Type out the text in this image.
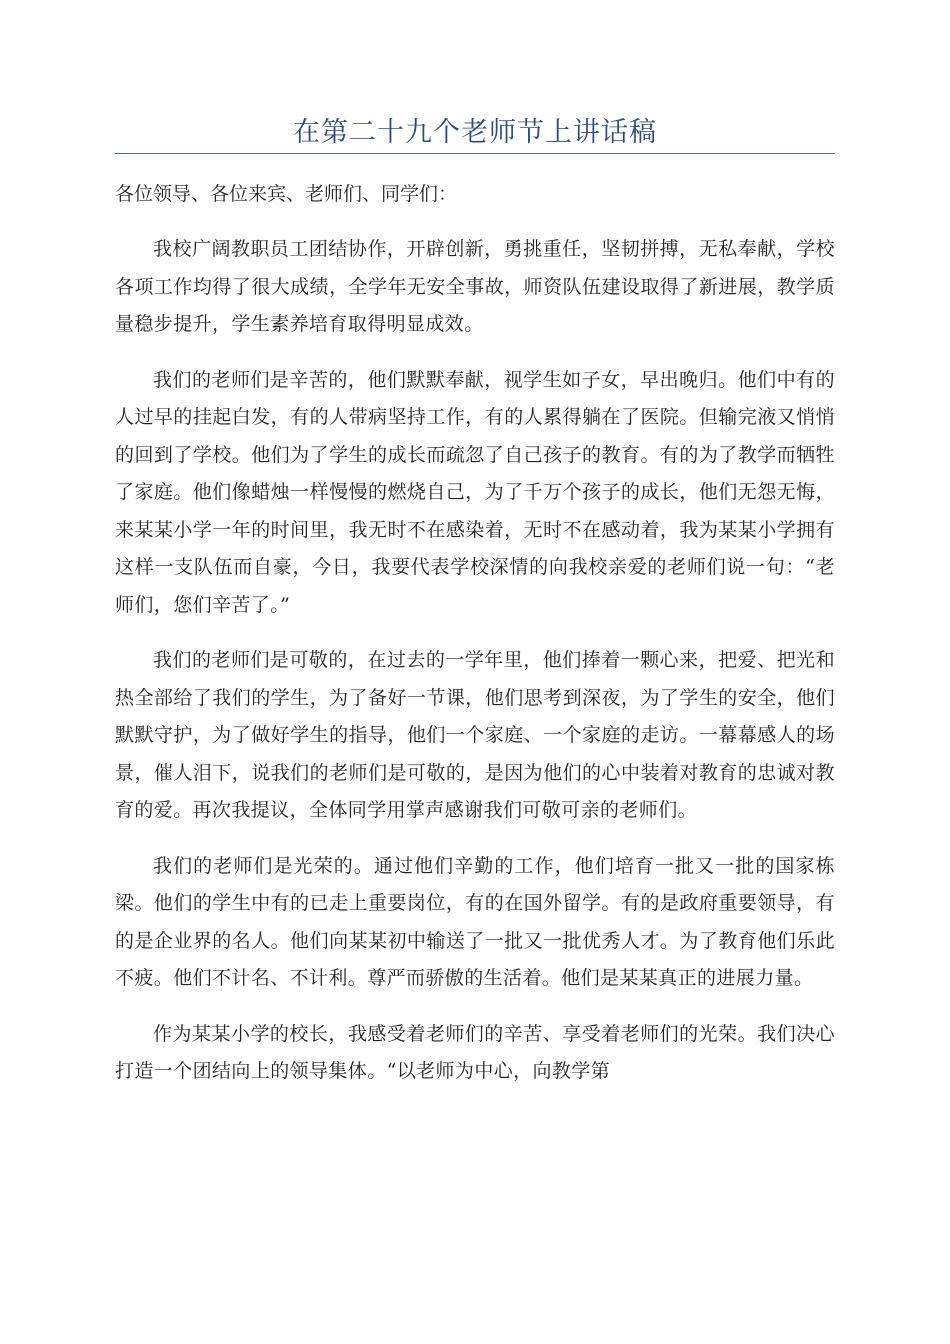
在第二十九个老师节上讲话稿

各位领导、各位来宾、老师们、同学们：

我校广阔教职员工团结协作，开辟创新，勇挑重任，坚韧拼搏，无私奉献，学校各项工作均得了很大成绩，全学年无安全事故，师资队伍建设取得了新进展，教学质量稳步提升，学生素养培育取得明显成效。

我们的老师们是辛苦的，他们默默奉献，视学生如子女，早出晚归。他们中有的人过早的挂起白发，有的人带病坚持工作，有的人累得躺在了医院。但输完液又悄悄的回到了学校。他们为了学生的成长而疏忽了自己孩子的教育。有的为了教学而牺牲了家庭。他们像蜡烛一样慢慢的燃烧自己，为了千万个孩子的成长，他们无怨无悔，来某某小学一年的时间里，我无时不在感染着，无时不在感动着，我为某某小学拥有这样一支队伍而自豪，今日，我要代表学校深情的向我校亲爱的老师们说一句：“老师们，您们辛苦了。”

我们的老师们是可敬的，在过去的一学年里，他们捧着一颗心来，把爱、把光和热全部给了我们的学生，为了备好一节课，他们思考到深夜，为了学生的安全，他们默默守护，为了做好学生的指导，他们一个家庭、一个家庭的走访。一幕幕感人的场景，催人泪下，说我们的老师们是可敬的，是因为他们的心中装着对教育的忠诚对教育的爱。再次我提议，全体同学用掌声感谢我们可敬可亲的老师们。

我们的老师们是光荣的。通过他们辛勤的工作，他们培育一批又一批的国家栋梁。他们的学生中有的已走上重要岗位，有的在国外留学。有的是政府重要领导，有的是企业界的名人。他们向某某初中输送了一批又一批优秀人才。为了教育他们乐此不疲。他们不计名、不计利。尊严而骄傲的生活着。他们是某某真正的进展力量。

作为某某小学的校长，我感受着老师们的辛苦、享受着老师们的光荣。我们决心打造一个团结向上的领导集体。“以老师为中心，向教学第
